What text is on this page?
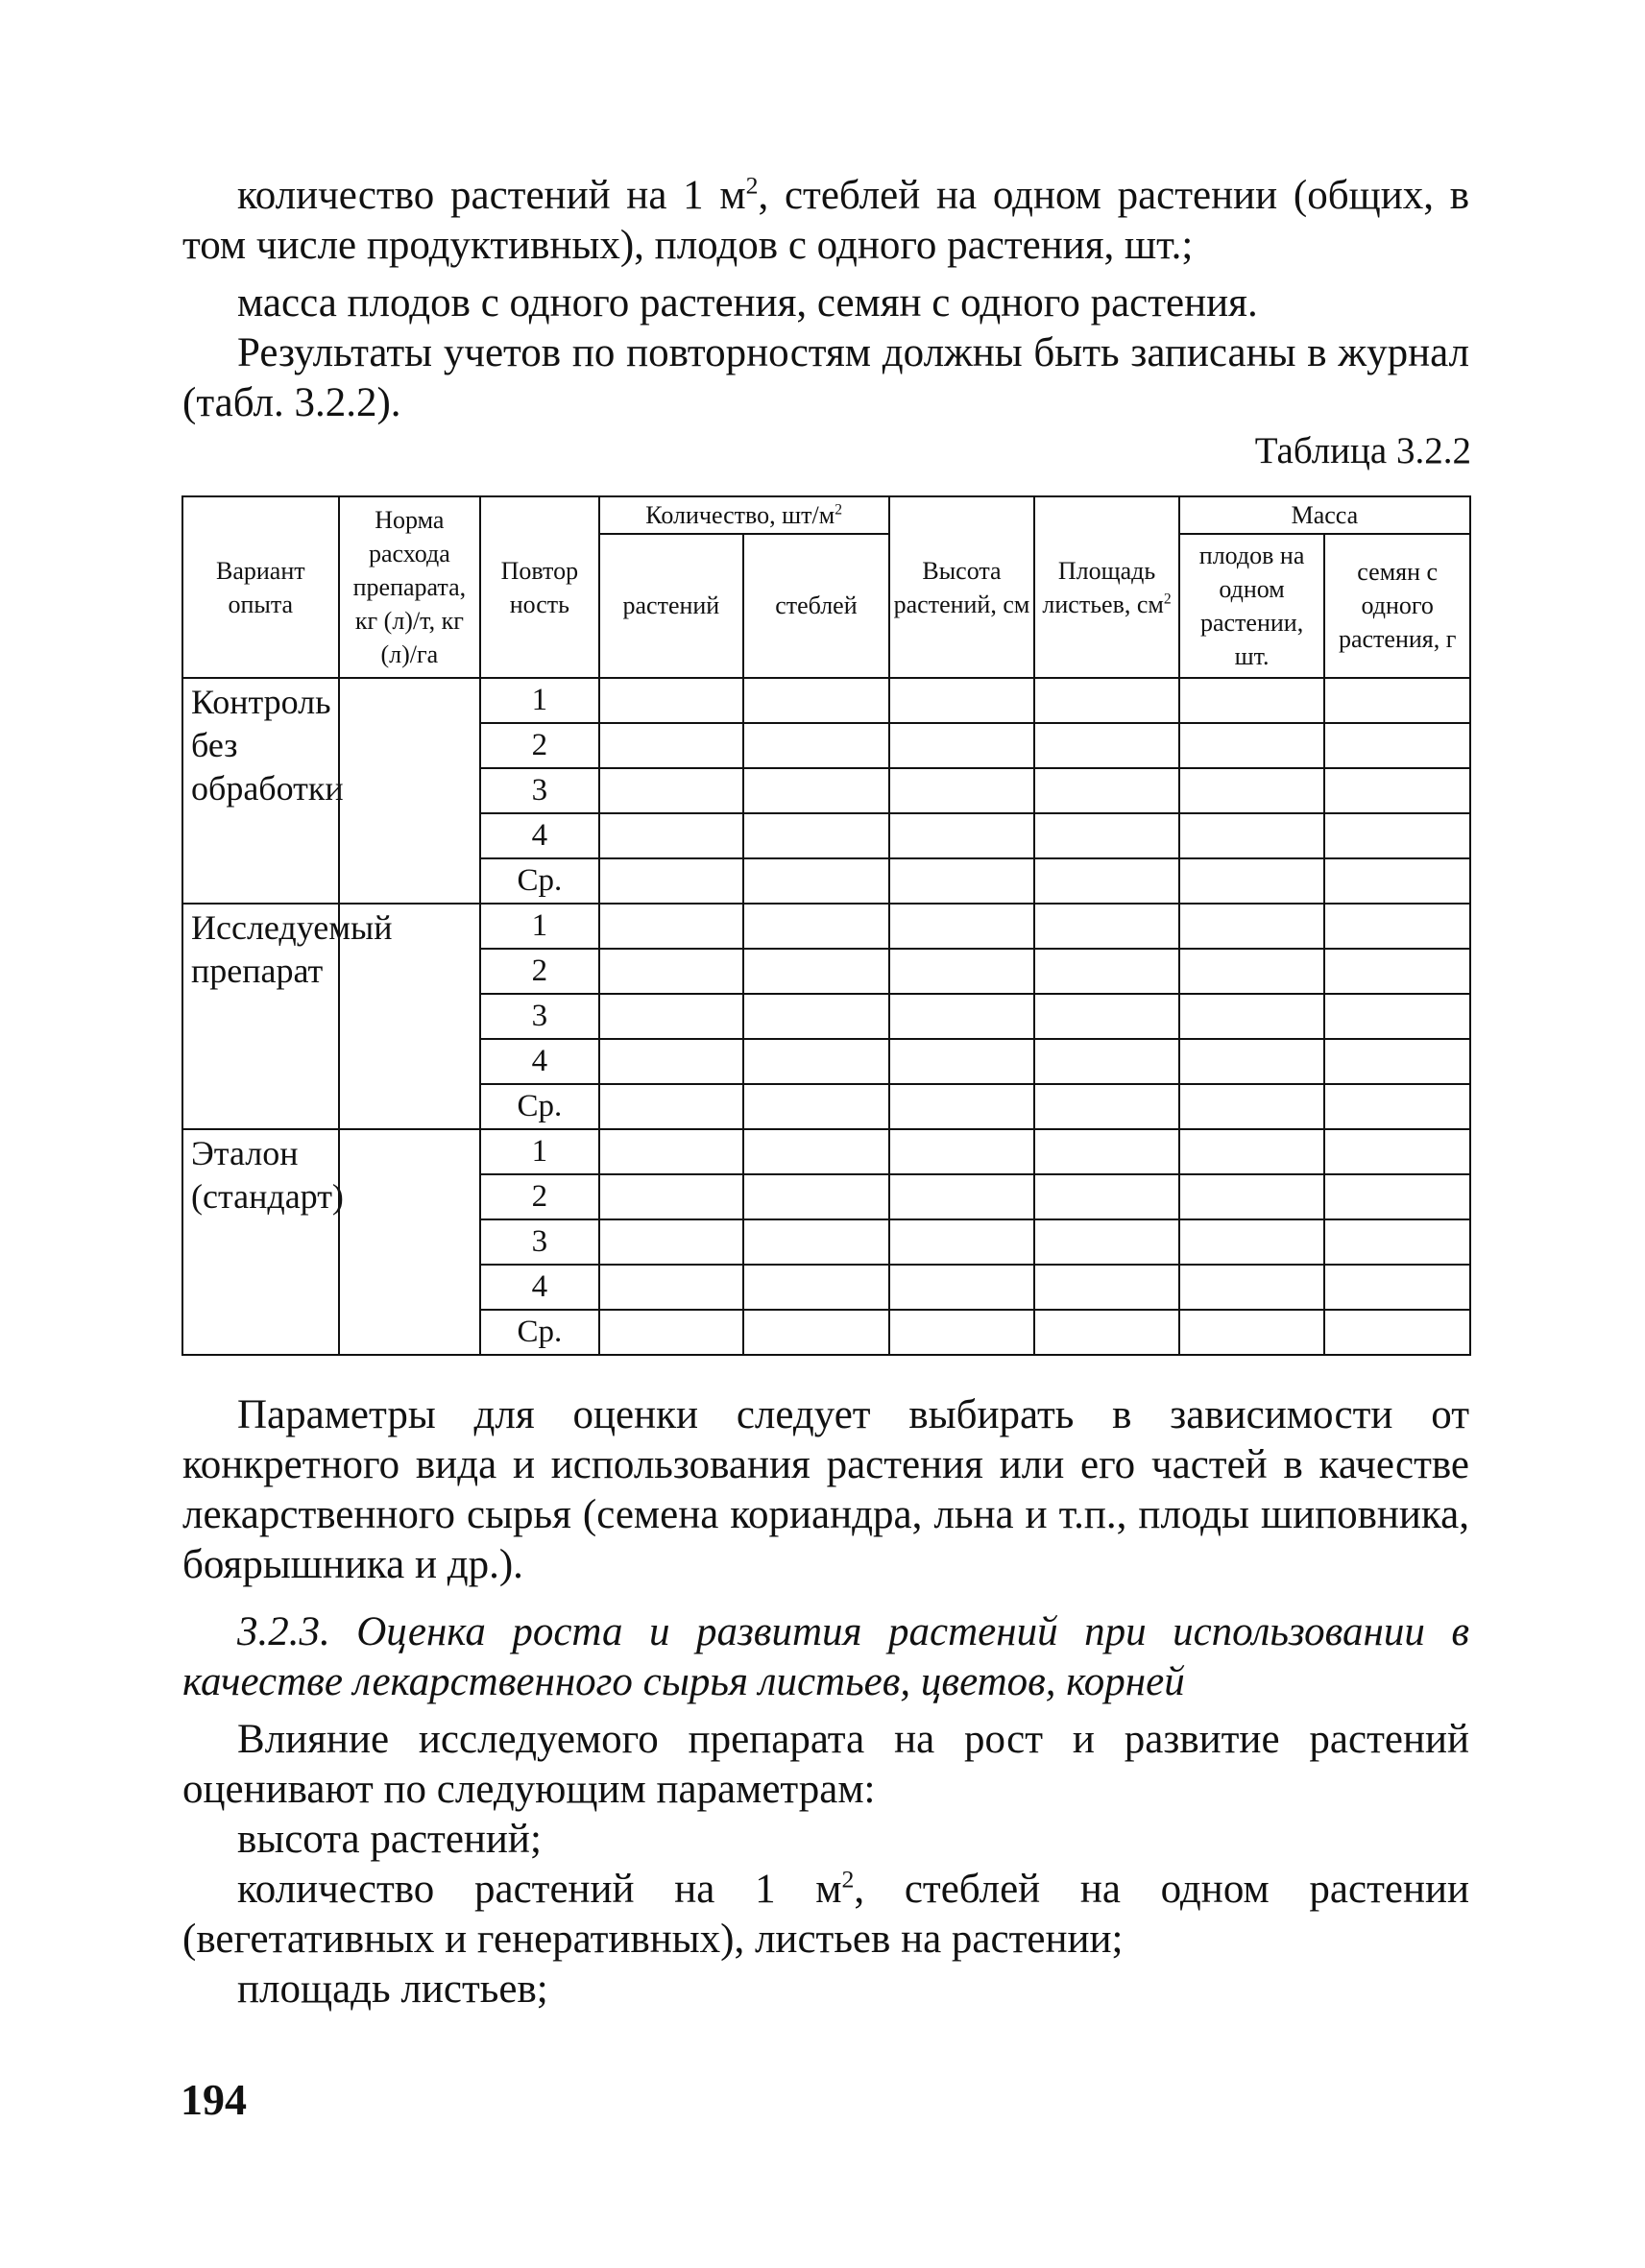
количество растений на 1 $м^2$, стеблей на одном растении (общих, в том числе продуктивных), плодов с одного растения, шт.;

масса плодов с одного растения, семян с одного растения.

Результаты учетов по повторностям должны быть записаны в журнал (табл. 3.2.2).

Таблица 3.2.2
Вариант опыта	Норма расхода препарата, кг (л)/т, кг (л)/га	Повтор ность	Количество, $шт/м^2$		Высота растений, см	Площадь листьев, $см^2$	Масса	
			растений	стеблей			плодов на одном растении, шт.	семян с одного растения, г
Контроль без обработки		1						
		2						
		3						
		4						
		Ср.						
Исследуемый препарат		1						
		2						
		3						
		4						
		Ср.						
Эталон (стандарт)		1						
		2						
		3						
		4						
		Ср.						

Параметры для оценки следует выбирать в зависимости от конкретного вида и использования растения или его частей в качестве лекарственного сырья (семена кориандра, льна и т.п., плоды шиповника, боярышника и др.).

3.2.3. Оценка роста и развития растений при использовании в качестве лекарственного сырья листьев, цветов, корней

Влияние исследуемого препарата на рост и развитие растений оценивают по следующим параметрам:

высота растений;

количество растений на 1 $м^2$, стеблей на одном растении (вегетативных и генеративных), листьев на растении;

площадь листьев;

194
